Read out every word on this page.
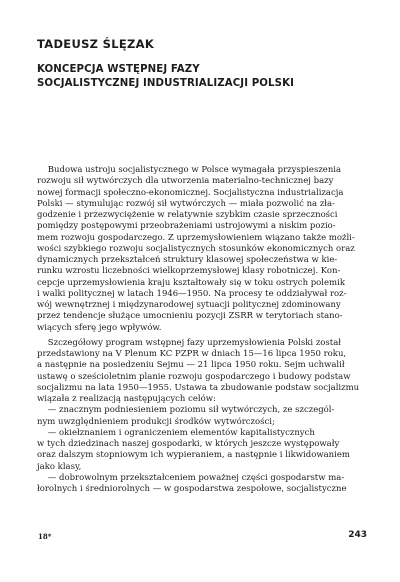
TADEUSZ ŚLĘZAK
KONCEPCJA WSTĘPNEJ FAZY
SOCJALISTYCZNEJ INDUSTRIALIZACJI POLSKI
Budowa ustroju socjalistycznego w Polsce wymagała przyspieszenia
rozwoju sił wytwórczych dla utworzenia materialno-technicznej bazy
nowej formacji społeczno-ekonomicznej. Socjalistyczna industrializacja
Polski — stymulując rozwój sił wytwórczych — miała pozwolić na zła-
godzenie i przezwyciężenie w relatywnie szybkim czasie sprzeczności
pomiędzy postępowymi przeobrażeniami ustrojowymi a niskim pozio-
mem rozwoju gospodarczego. Z uprzemysłowieniem wiązano także możli-
wości szybkiego rozwoju socjalistycznych stosunków ekonomicznych oraz
dynamicznych przekształceń struktury klasowej społeczeństwa w kie-
runku wzrostu liczebności wielkoprzemysłowej klasy robotniczej. Kon-
cepcje uprzemysłowienia kraju kształtowały się w toku ostrych polemik
i walki politycznej w latach 1946—1950. Na procesy te oddziaływał roz-
wój wewnętrznej i międzynarodowej sytuacji politycznej zdominowany
przez tendencje służące umocnieniu pozycji ZSRR w terytoriach stano-
wiących sferę jego wpływów.
Szczegółowy program wstępnej fazy uprzemysłowienia Polski został
przedstawiony na V Plenum KC PZPR w dniach 15—16 lipca 1950 roku,
a następnie na posiedzeniu Sejmu — 21 lipca 1950 roku. Sejm uchwalił
ustawę o sześcioletnim planie rozwoju gospodarczego i budowy podstaw
socjalizmu na lata 1950—1955. Ustawa ta zbudowanie podstaw socjalizmu
wiązała z realizacją następujących celów:
— znacznym podniesieniem poziomu sił wytwórczych, ze szczegól-
nym uwzględnieniem produkcji środków wytwórczości;
— okiełznaniem i ograniczeniem elementów kapitalistycznych
w tych dziedzinach naszej gospodarki, w których jeszcze występowały
oraz dalszym stopniowym ich wypieraniem, a następnie i likwidowaniem
jako klasy,
— dobrowolnym przekształceniem poważnej części gospodarstw ma-
łorolnych i średniorolnych — w gospodarstwa zespołowe, socjalistyczne
18*	243
